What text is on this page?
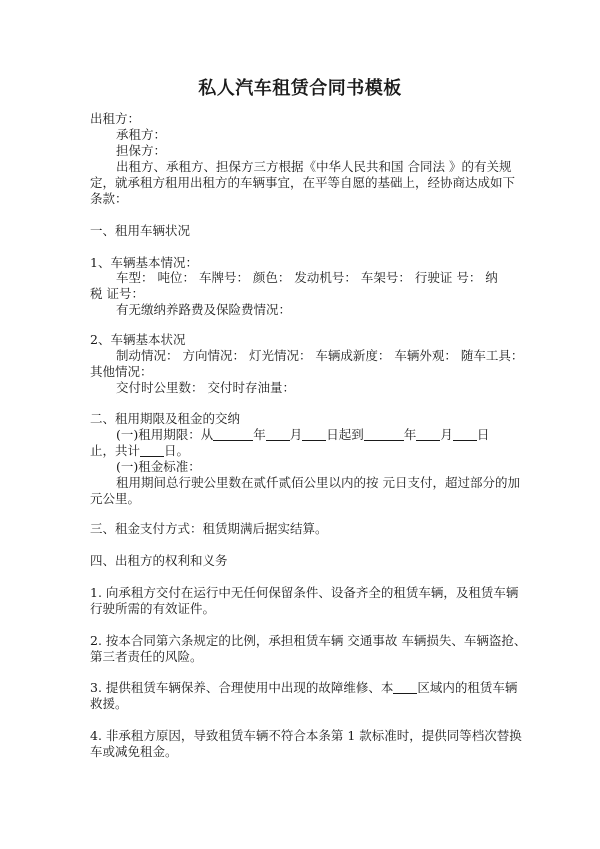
私人汽车租赁合同书模板
出租方：
承租方：
担保方：
出租方、承租方、担保方三方根据《中华人民共和国 合同法 》的有关规
定，就承租方租用出租方的车辆事宜，在平等自愿的基础上，经协商达成如下
条款：
一、租用车辆状况
1、车辆基本情况：
车型： 吨位： 车牌号： 颜色： 发动机号： 车架号： 行驶证 号： 纳
税 证号：
有无缴纳养路费及保险费情况：
2、车辆基本状况
制动情况： 方向情况： 灯光情况： 车辆成新度： 车辆外观： 随车工具：
其他情况：
交付时公里数： 交付时存油量：
二、租用期限及租金的交纳
(一)租用期限：从	年 月 日起到	年 月 日
止，共计 日。
(一)租金标准：
租用期间总行驶公里数在贰仟贰佰公里以内的按 元日支付，超过部分的加
元公里。
三、租金支付方式：租赁期满后据实结算。
四、出租方的权利和义务
1. 向承租方交付在运行中无任何保留条件、设备齐全的租赁车辆，及租赁车辆
行驶所需的有效证件。
2. 按本合同第六条规定的比例，承担租赁车辆 交通事故 车辆损失、车辆盗抢、
第三者责任的风险。
3. 提供租赁车辆保养、合理使用中出现的故障维修、本 区域内的租赁车辆
救援。
4. 非承租方原因，导致租赁车辆不符合本条第 1 款标准时，提供同等档次替换
车或减免租金。
